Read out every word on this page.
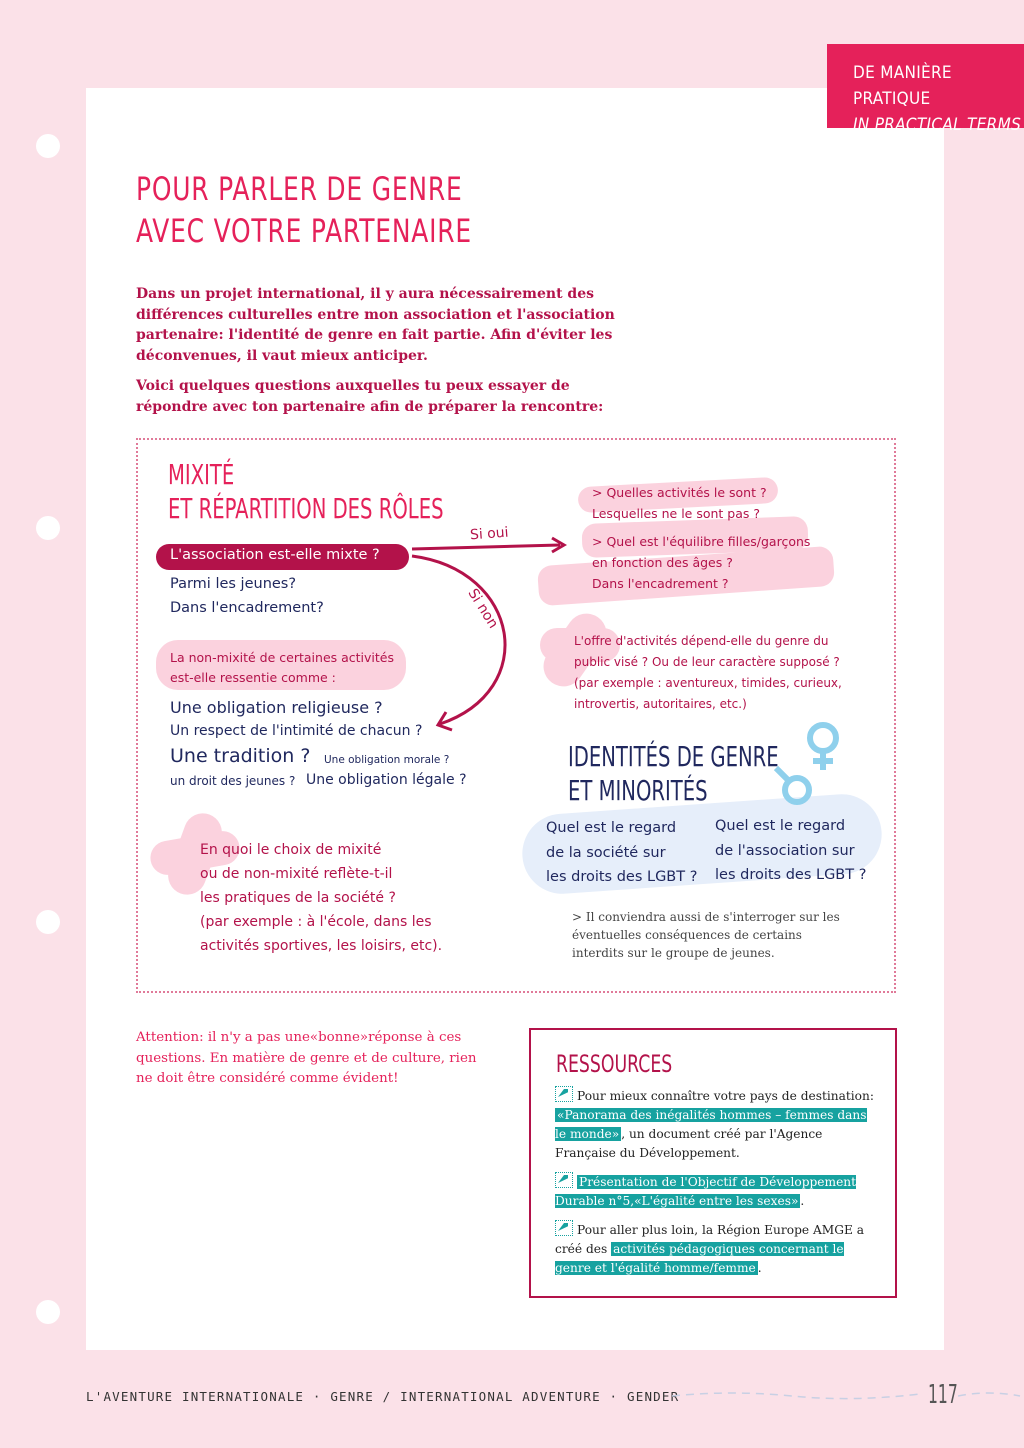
DE MANIÈRE PRATIQUE
IN PRACTICAL TERMS
POUR PARLER DE GENRE
AVEC VOTRE PARTENAIRE
Dans un projet international, il y aura nécessairement des différences culturelles entre mon association et l'association partenaire: l'identité de genre en fait partie. Afin d'éviter les déconvenues, il vaut mieux anticiper.
Voici quelques questions auxquelles tu peux essayer de répondre avec ton partenaire afin de préparer la rencontre:
MIXITÉ
ET RÉPARTITION DES RÔLES
L'association est-elle mixte ?
Parmi les jeunes?
Dans l'encadrement?
Si oui
Si non
La non-mixité de certaines activités
est-elle ressentie comme :
Une obligation religieuse ?
Un respect de l'intimité de chacun ?
Une tradition ? Une obligation morale ?
un droit des jeunes ? Une obligation légale ?
> Quelles activités le sont ?
Lesquelles ne le sont pas ?
> Quel est l'équilibre filles/garçons
en fonction des âges ?
Dans l'encadrement ?
L'offre d'activités dépend-elle du genre du
public visé ? Ou de leur caractère supposé ?
(par exemple : aventureux, timides, curieux,
introvertis, autoritaires, etc.)
En quoi le choix de mixité
ou de non-mixité reflète-t-il
les pratiques de la société ?
(par exemple : à l'école, dans les
activités sportives, les loisirs, etc).
IDENTITÉS DE GENRE
ET MINORITÉS
Quel est le regard
de la société sur
les droits des LGBT ?
Quel est le regard
de l'association sur
les droits des LGBT ?
> Il conviendra aussi de s'interroger sur les éventuelles conséquences de certains interdits sur le groupe de jeunes.
Attention: il n'y a pas une«bonne»réponse à ces questions. En matière de genre et de culture, rien ne doit être considéré comme évident!
RESSOURCES
Pour mieux connaître votre pays de destination: «Panorama des inégalités hommes – femmes dans le monde» , un document créé par l'Agence Française du Développement.
Présentation de l'Objectif de Développement Durable n°5,«L'égalité entre les sexes» .
Pour aller plus loin, la Région Europe AMGE a créé des activités pédagogiques concernant le genre et l'égalité homme/femme .
L'AVENTURE INTERNATIONALE · GENRE / INTERNATIONAL ADVENTURE · GENDER	117
